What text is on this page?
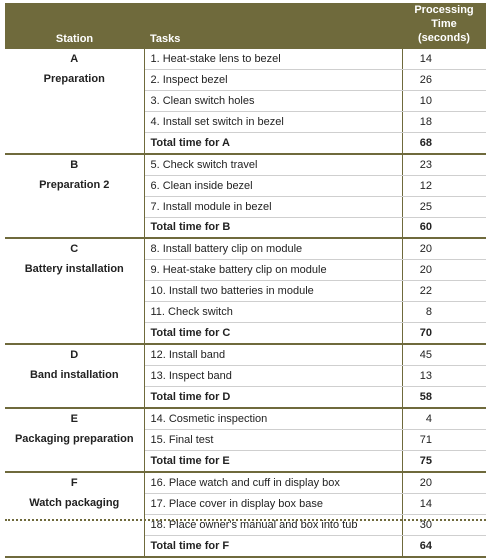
Station	Tasks	Processing Time
(seconds)

A
Preparation	1. Heat-stake lens to bezel	14
	2. Inspect bezel	26
	3. Clean switch holes	10
	4. Install set switch in bezel	18
	Total time for A	68

B
Preparation 2	5. Check switch travel	23
	6. Clean inside bezel	12
	7. Install module in bezel	25
	Total time for B	60

C
Battery installation	8. Install battery clip on module	20
	9. Heat-stake battery clip on module	20
	10. Install two batteries in module	22
	11. Check switch	8
	Total time for C	70

D
Band installation	12. Install band	45
	13. Inspect band	13
	Total time for D	58

E
Packaging preparation	14. Cosmetic inspection	4
	15. Final test	71
	Total time for E	75

F
Watch packaging	16. Place watch and cuff in display box	20
	17. Place cover in display box base	14
	18. Place owner's manual and box into tub	30
	Total time for F	64
